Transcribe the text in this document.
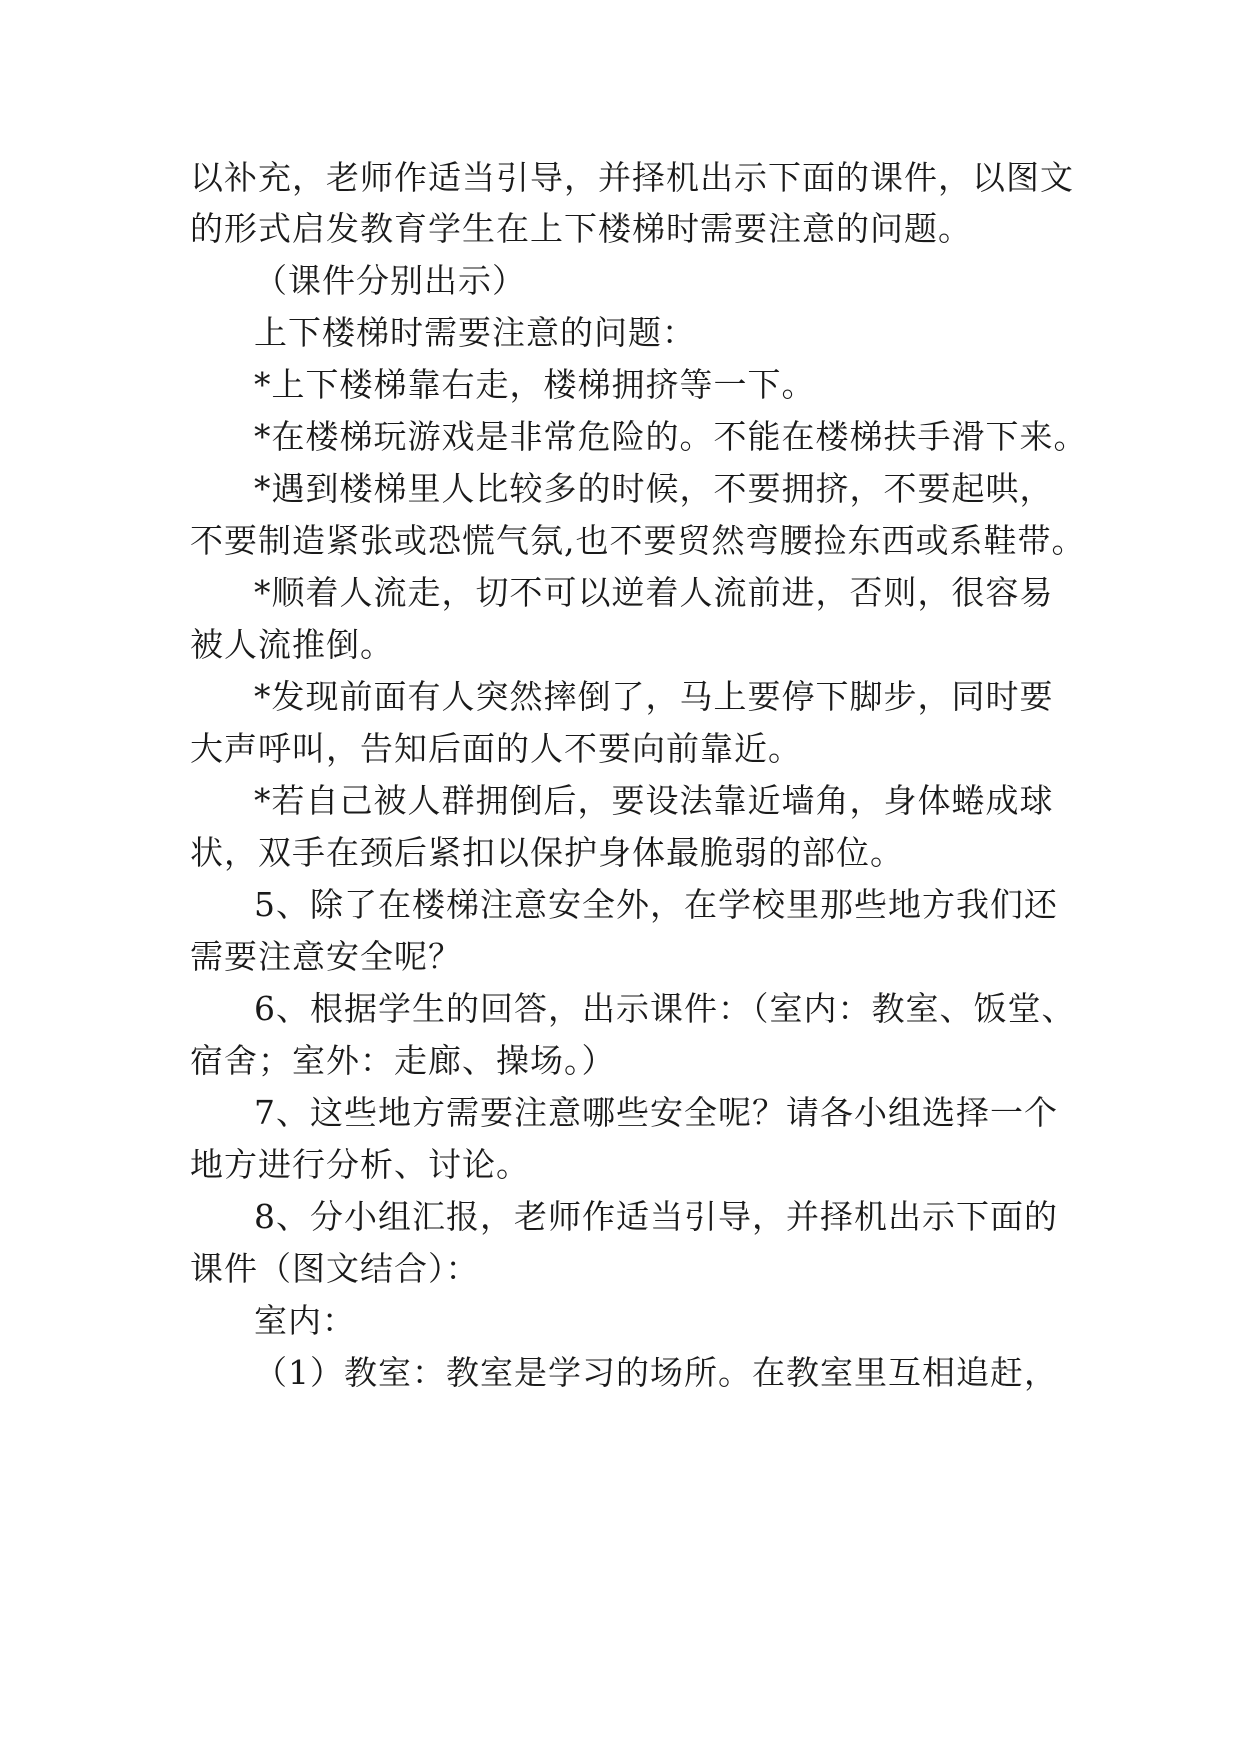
以补充，老师作适当引导，并择机出示下面的课件，以图文
的形式启发教育学生在上下楼梯时需要注意的问题。
（课件分别出示）
上下楼梯时需要注意的问题：
*上下楼梯靠右走，楼梯拥挤等一下。
*在楼梯玩游戏是非常危险的。不能在楼梯扶手滑下来。
*遇到楼梯里人比较多的时候，不要拥挤，不要起哄，
不要制造紧张或恐慌气氛,也不要贸然弯腰捡东西或系鞋带。
*顺着人流走，切不可以逆着人流前进，否则，很容易
被人流推倒。
*发现前面有人突然摔倒了，马上要停下脚步，同时要
大声呼叫，告知后面的人不要向前靠近。
*若自己被人群拥倒后，要设法靠近墙角，身体蜷成球
状，双手在颈后紧扣以保护身体最脆弱的部位。
5、除了在楼梯注意安全外，在学校里那些地方我们还
需要注意安全呢？
6、根据学生的回答，出示课件：（室内：教室、饭堂、
宿舍；室外：走廊、操场。）
7、这些地方需要注意哪些安全呢？请各小组选择一个
地方进行分析、讨论。
8、分小组汇报，老师作适当引导，并择机出示下面的
课件（图文结合）：
室内：
（1）教室：教室是学习的场所。在教室里互相追赶，
